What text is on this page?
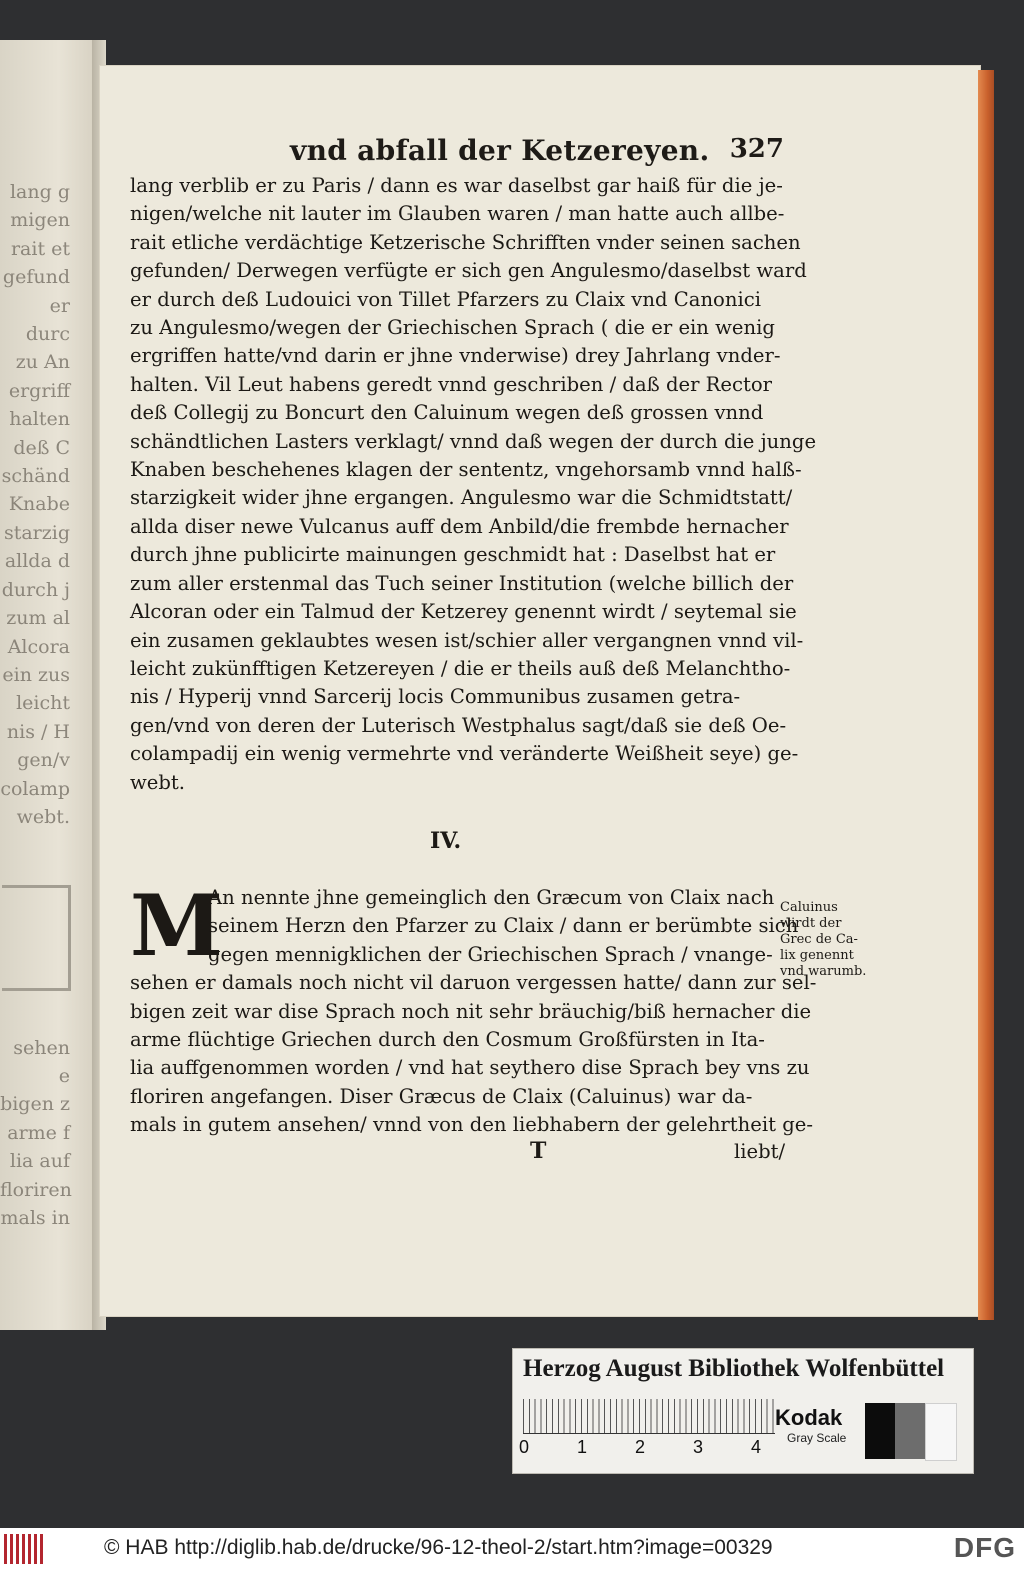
lang g
migen
rait et
gefund
er durc
zu An
ergriff
halten
deß C
schänd
Knabe
starzig
allda d
durch j
zum al
Alcora
ein zus
leicht
nis / H
gen/v
colamp
webt.

sehen e
bigen z
arme f
lia auf
floriren
mals in
vnd abfall der Ketzereyen. 327
lang verblib er zu Paris / dann es war daselbst gar haiß für die je-
nigen/welche nit lauter im Glauben waren / man hatte auch allbe-
rait etliche verdächtige Ketzerische Schrifften vnder seinen sachen
gefunden/ Derwegen verfügte er sich gen Angulesmo/daselbst ward
er durch deß Ludouici von Tillet Pfarzers zu Claix vnd Canonici
zu Angulesmo/wegen der Griechischen Sprach ( die er ein wenig
ergriffen hatte/vnd darin er jhne vnderwise) drey Jahrlang vnder-
halten. Vil Leut habens geredt vnnd geschriben / daß der Rector
deß Collegij zu Boncurt den Caluinum wegen deß grossen vnnd
schändtlichen Lasters verklagt/ vnnd daß wegen der durch die junge
Knaben beschehenes klagen der sententz, vngehorsamb vnnd halß-
starzigkeit wider jhne ergangen. Angulesmo war die Schmidtstatt/
allda diser newe Vulcanus auff dem Anbild/die frembde hernacher
durch jhne publicirte mainungen geschmidt hat : Daselbst hat er
zum aller erstenmal das Tuch seiner Institution (welche billich der
Alcoran oder ein Talmud der Ketzerey genennt wirdt / seytemal sie
ein zusamen geklaubtes wesen ist/schier aller vergangnen vnnd vil-
leicht zukünfftigen Ketzereyen / die er theils auß deß Melanchtho-
nis / Hyperij vnnd Sarcerij locis Communibus zusamen getra-
gen/vnd von deren der Luterisch Westphalus sagt/daß sie deß Oe-
colampadij ein wenig vermehrte vnd veränderte Weißheit seye) ge-
webt.
IV.
M
An nennte jhne gemeinglich den Græcum von Claix nach
seinem Herzn den Pfarzer zu Claix / dann er berümbte sich
gegen mennigklichen der Griechischen Sprach / vnange-
sehen er damals noch nicht vil daruon vergessen hatte/ dann zur sel-
bigen zeit war dise Sprach noch nit sehr bräuchig/biß hernacher die
arme flüchtige Griechen durch den Cosmum Großfürsten in Ita-
lia auffgenommen worden / vnd hat seythero dise Sprach bey vns zu
floriren angefangen. Diser Græcus de Claix (Caluinus) war da-
mals in gutem ansehen/ vnnd von den liebhabern der gelehrtheit ge-
Caluinus
wirdt der
Grec de Ca-
lix genennt
vnd warumb.
T	liebt/
Herzog August Bibliothek Wolfenbüttel
0	1	2	3	4
Kodak
Gray Scale
© HAB http://diglib.hab.de/drucke/96-12-theol-2/start.htm?image=00329	DFG
